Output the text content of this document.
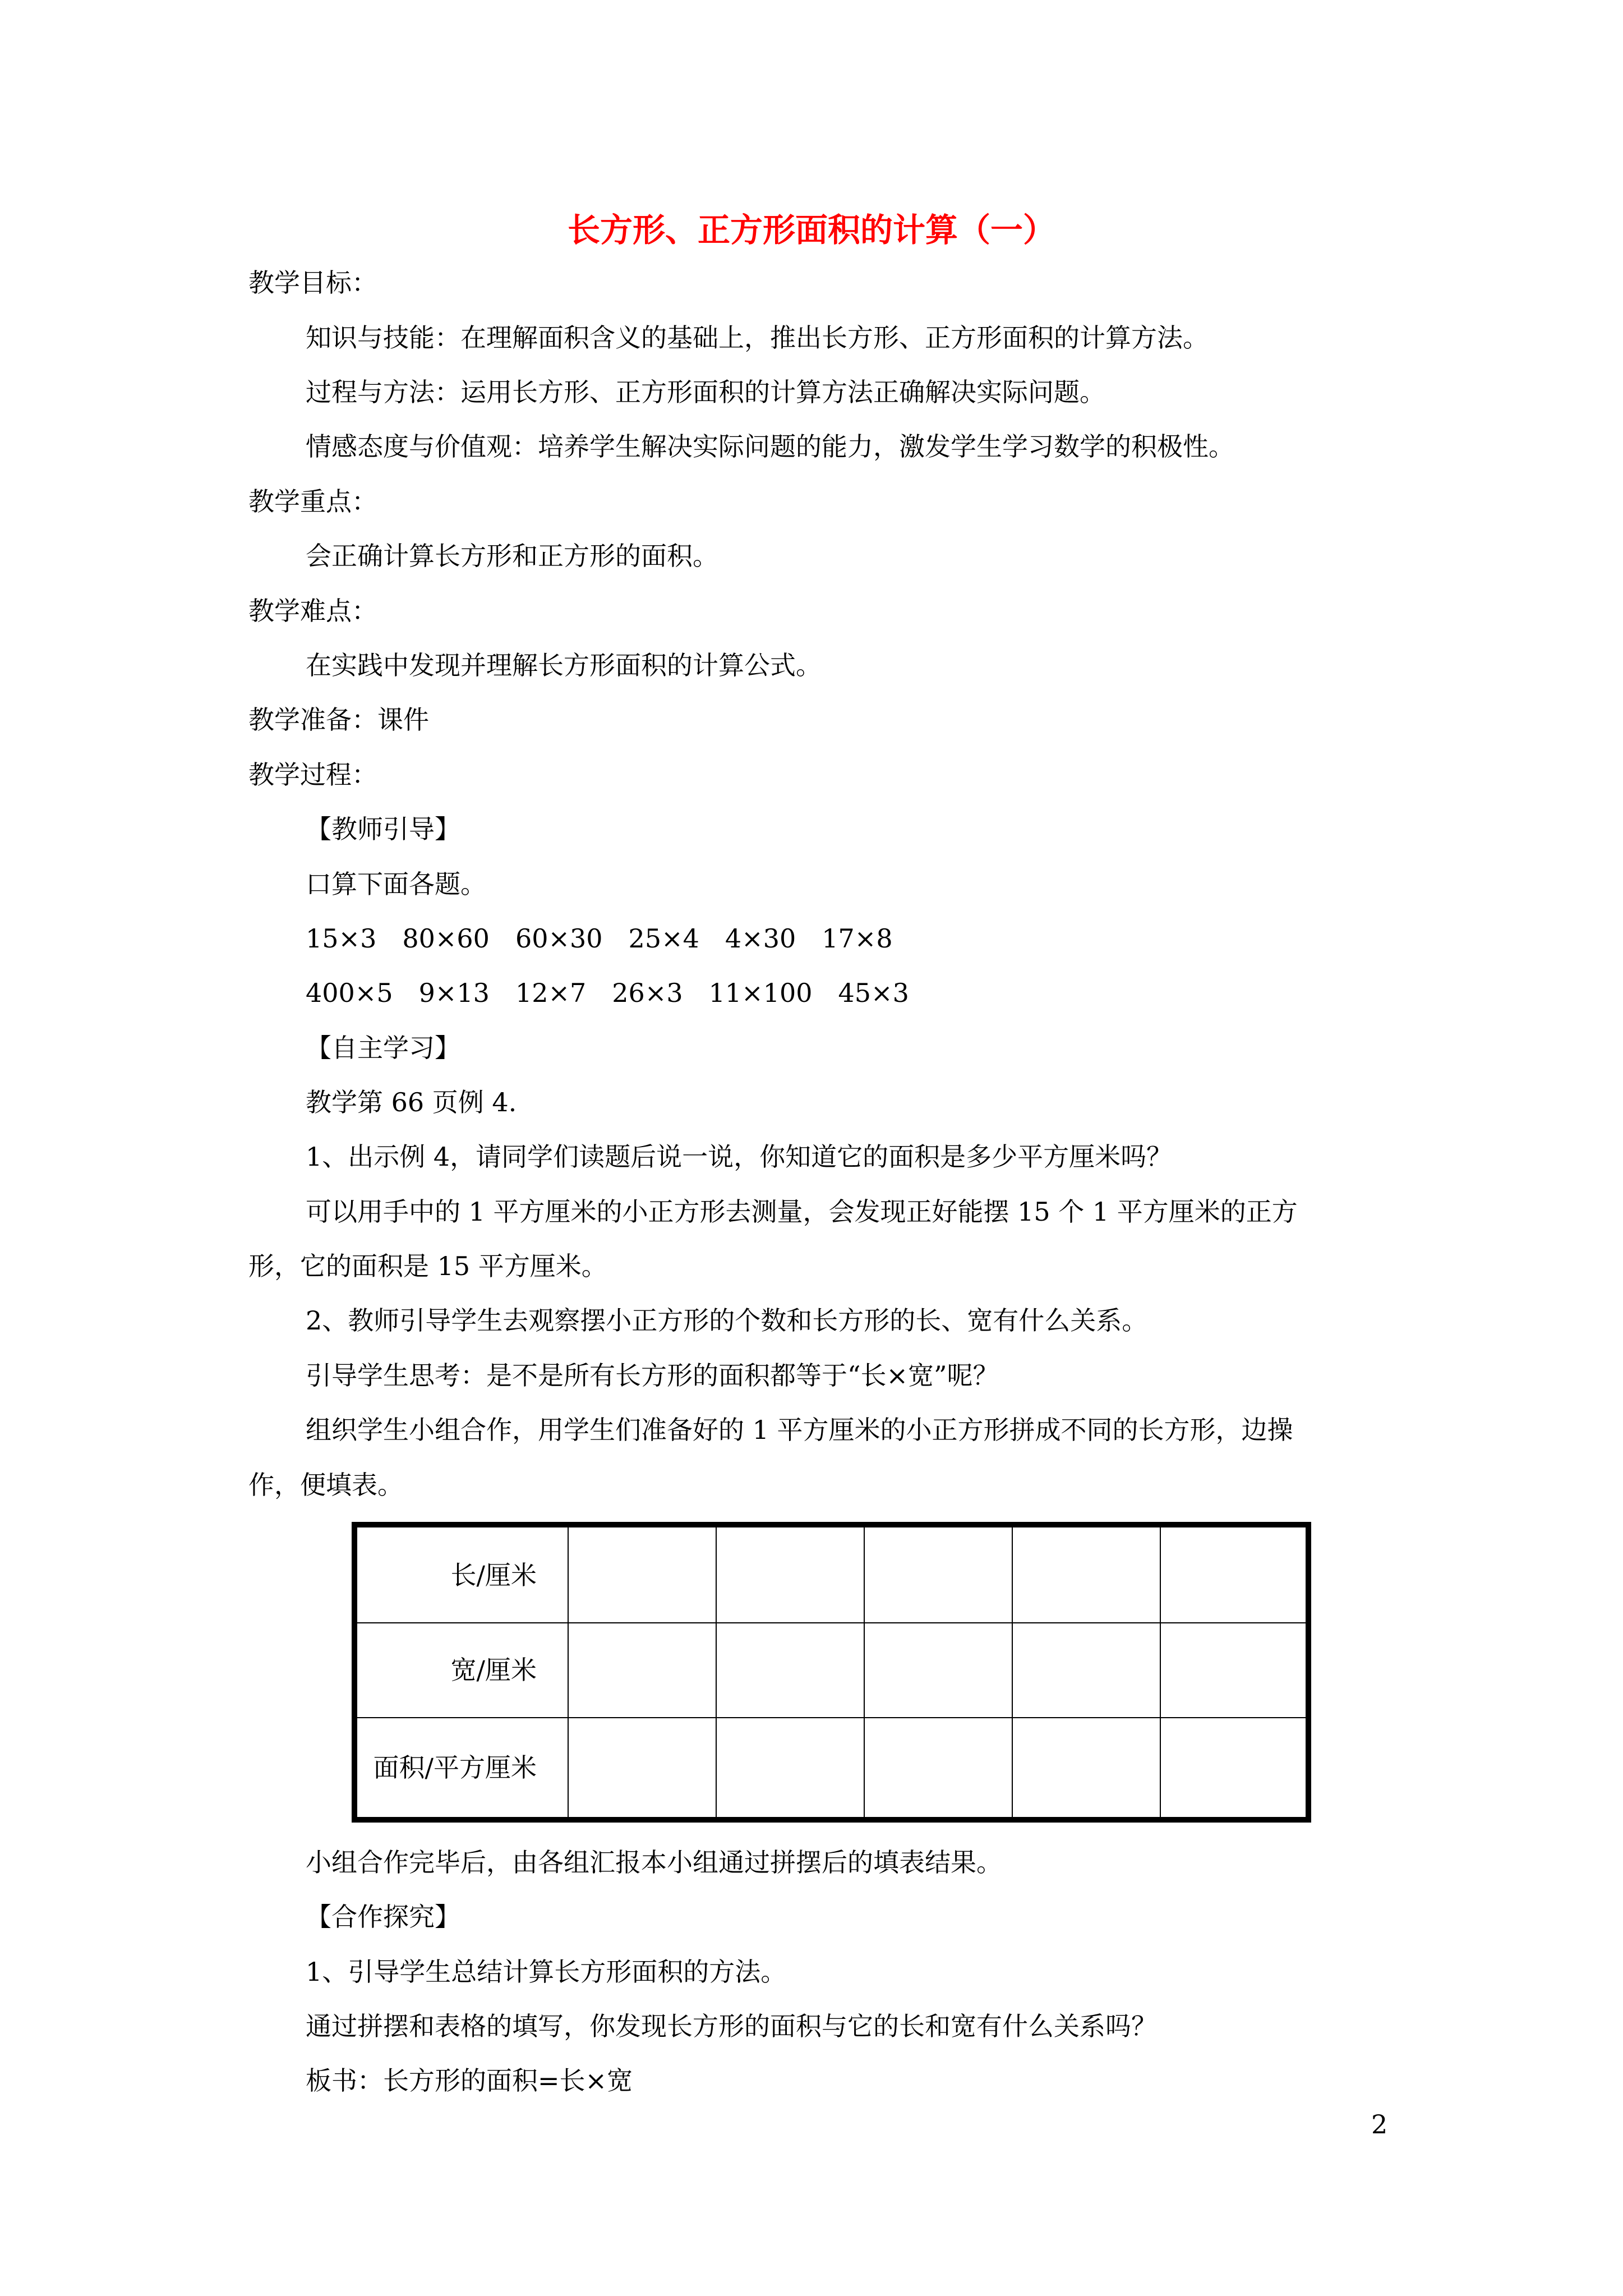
长方形、正方形面积的计算（一）
教学目标：
知识与技能：在理解面积含义的基础上，推出长方形、正方形面积的计算方法。
过程与方法：运用长方形、正方形面积的计算方法正确解决实际问题。
情感态度与价值观：培养学生解决实际问题的能力，激发学生学习数学的积极性。
教学重点：
会正确计算长方形和正方形的面积。
教学难点：
在实践中发现并理解长方形面积的计算公式。
教学准备：课件
教学过程：
【教师引导】
口算下面各题。
15×3　80×60　60×30　25×4　4×30　17×8
400×5　9×13　12×7　26×3　11×100　45×3
【自主学习】
教学第 66 页例 4.
1、出示例 4，请同学们读题后说一说，你知道它的面积是多少平方厘米吗？
可以用手中的 1 平方厘米的小正方形去测量，会发现正好能摆 15 个 1 平方厘米的正方
形，它的面积是 15 平方厘米。
2、教师引导学生去观察摆小正方形的个数和长方形的长、宽有什么关系。
引导学生思考：是不是所有长方形的面积都等于“长×宽”呢？
组织学生小组合作，用学生们准备好的 1 平方厘米的小正方形拼成不同的长方形，边操
作，便填表。
长/厘米					
宽/厘米					
面积/平方厘米					
小组合作完毕后，由各组汇报本小组通过拼摆后的填表结果。
【合作探究】
1、引导学生总结计算长方形面积的方法。
通过拼摆和表格的填写，你发现长方形的面积与它的长和宽有什么关系吗？
板书：长方形的面积=长×宽
2
